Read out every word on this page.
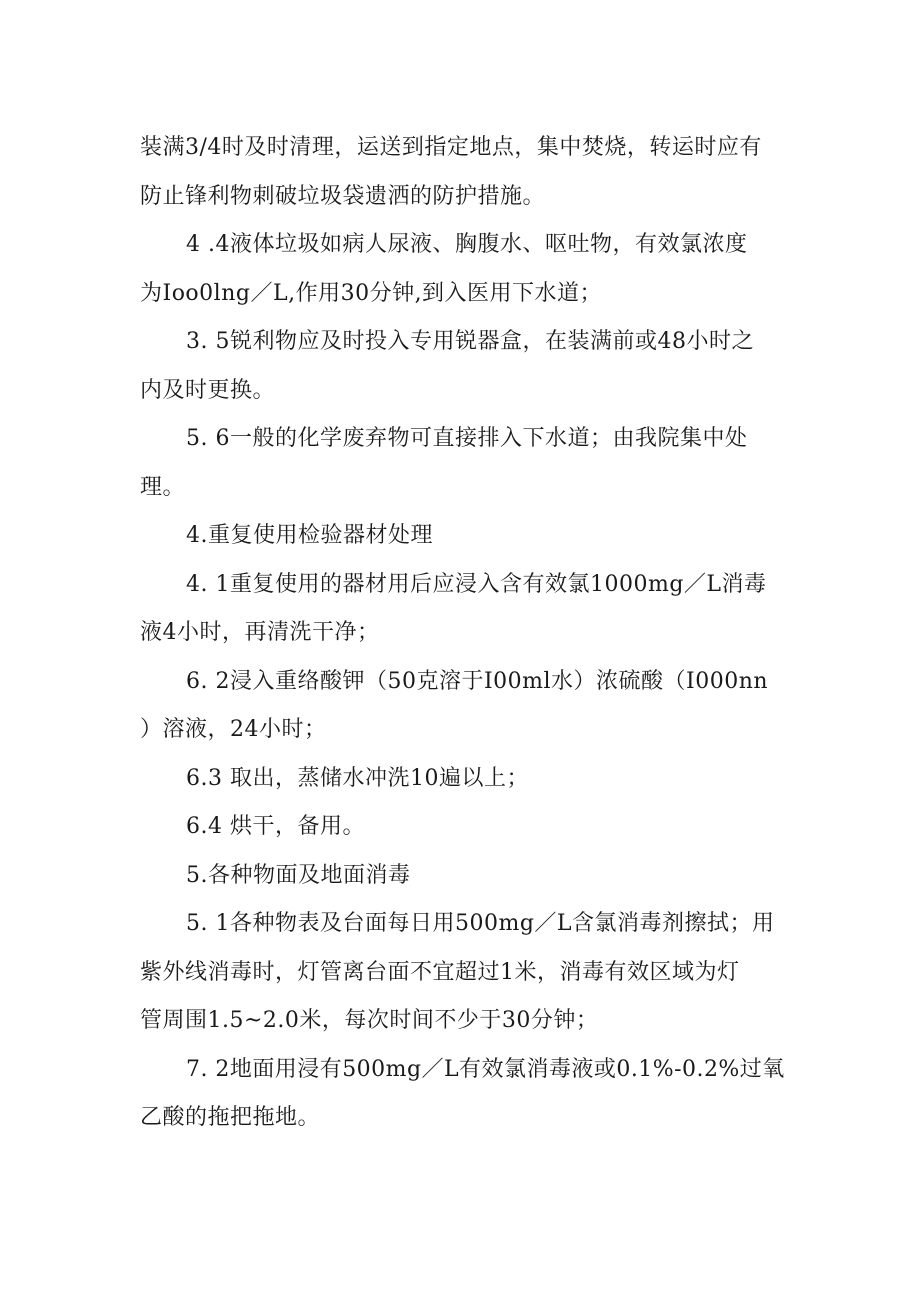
装满3/4时及时清理，运送到指定地点，集中焚烧，转运时应有
防止锋利物刺破垃圾袋遗洒的防护措施。
4 .4液体垃圾如病人尿液、胸腹水、呕吐物，有效氯浓度
为Ioo0lng／L,作用30分钟,到入医用下水道；
3. 5锐利物应及时投入专用锐器盒，在装满前或48小时之
内及时更换。
5. 6一般的化学废弃物可直接排入下水道；由我院集中处
理。
4.重复使用检验器材处理
4. 1重复使用的器材用后应浸入含有效氯1000mg／L消毒
液4小时，再清洗干净；
6. 2浸入重络酸钾（50克溶于I00ml水）浓硫酸（I000nn
）溶液，24小时；
6.3 取出，蒸储水冲洗10遍以上；
6.4 烘干，备用。
5.各种物面及地面消毒
5. 1各种物表及台面每日用500mg／L含氯消毒剂擦拭；用
紫外线消毒时，灯管离台面不宜超过1米，消毒有效区域为灯
管周围1.5~2.0米，每次时间不少于30分钟；
7. 2地面用浸有500mg／L有效氯消毒液或0.1%-0.2%过氧
乙酸的拖把拖地。
